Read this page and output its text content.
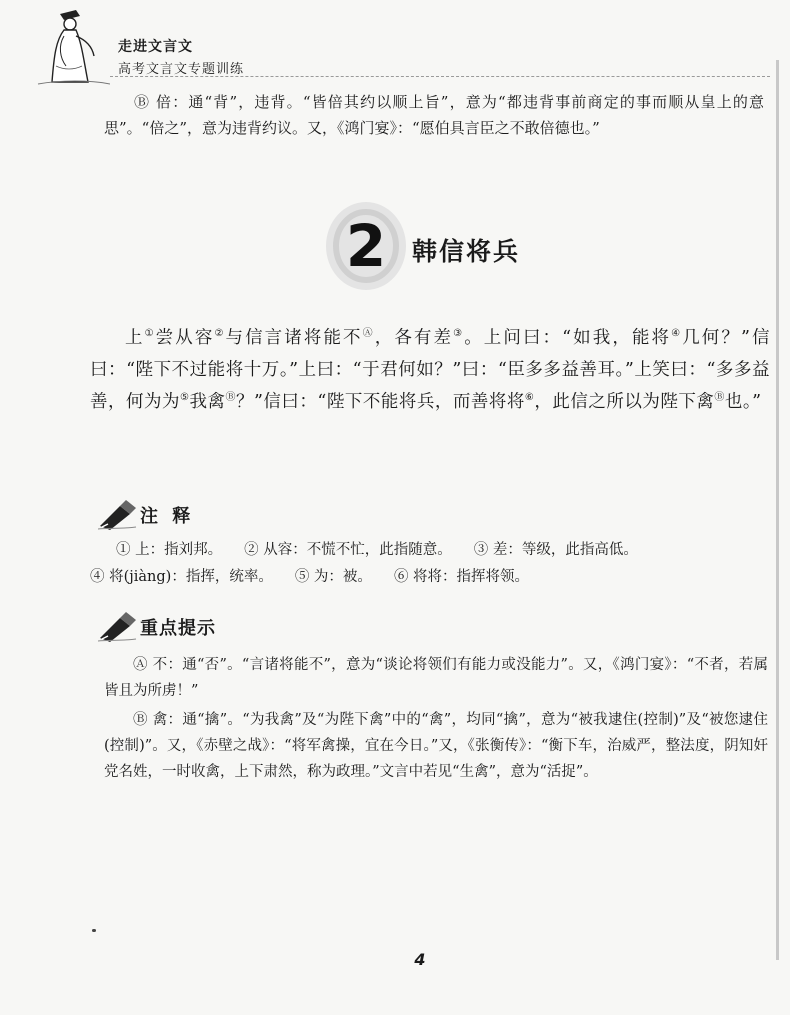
走进文言文
高考文言文专题训练
Ⓑ 倍：通“背”，违背。“皆倍其约以顺上旨”，意为“都违背事前商定的事而顺从皇上的意思”。“倍之”，意为违背约议。又，《鸿门宴》：“愿伯具言臣之不敢倍德也。”
2	韩信将兵
上①尝从容②与信言诸将能不Ⓐ，各有差③。上问曰：“如我，能将④几何？”信曰：“陛下不过能将十万。”上曰：“于君何如？”曰：“臣多多益善耳。”上笑曰：“多多益善，何为为⑤我禽Ⓑ？”信曰：“陛下不能将兵，而善将将⑥，此信之所以为陛下禽Ⓑ也。”
注 释
① 上：指刘邦。 ② 从容：不慌不忙，此指随意。 ③ 差：等级，此指高低。
④ 将(jiàng)：指挥，统率。 ⑤ 为：被。 ⑥ 将将：指挥将领。
重点提示
Ⓐ 不：通“否”。“言诸将能不”，意为“谈论将领们有能力或没能力”。又，《鸿门宴》：“不者，若属皆且为所虏！”
Ⓑ 禽：通“擒”。“为我禽”及“为陛下禽”中的“禽”，均同“擒”，意为“被我逮住(控制)”及“被您逮住(控制)”。又，《赤壁之战》：“将军禽操，宜在今日。”又，《张衡传》：“衡下车，治威严，整法度，阴知奸党名姓，一时收禽，上下肃然，称为政理。”文言中若见“生禽”，意为“活捉”。
4
